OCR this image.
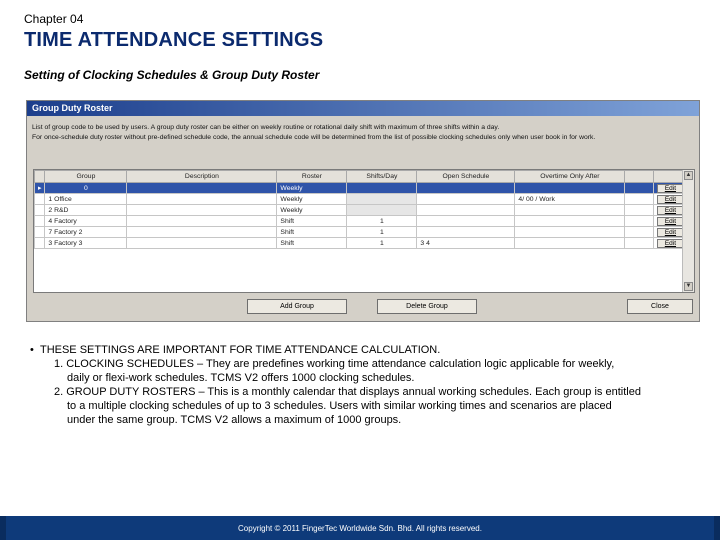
Chapter 04
TIME ATTENDANCE SETTINGS
Setting of Clocking Schedules & Group Duty Roster
Group Duty Roster
List of group code to be used by users. A group duty roster can be either on weekly routine or rotational daily shift with maximum of three shifts within a day.
For once-schedule duty roster without pre-defined schedule code, the annual schedule code will be determined from the list of possible clocking schedules only when user book in for work.
	Group	Description	Roster	Shifts/Day	Open Schedule	Overtime Only After		
▸	0		Weekly					Edit
	1 Office		Weekly			4/ 00 / Work		Edit
	2 R&D		Weekly					Edit
	4 Factory		Shift	1				Edit
	7 Factory 2		Shift	1				Edit
	3 Factory 3		Shift	1	3 4			Edit
▲
▼
Add Group	Delete Group	Close
•  THESE SETTINGS ARE IMPORTANT FOR TIME ATTENDANCE CALCULATION.
1. CLOCKING SCHEDULES – They are predefines working time attendance calculation logic applicable for weekly,
daily or flexi-work schedules. TCMS V2 offers 1000 clocking schedules.
2. GROUP DUTY ROSTERS – This is a monthly calendar that displays annual working schedules. Each group is entitled
to a multiple clocking schedules of up to 3 schedules. Users with similar working times and scenarios are placed
under the same group. TCMS V2 allows a maximum of 1000 groups.
Copyright © 2011 FingerTec Worldwide Sdn. Bhd. All rights reserved.
